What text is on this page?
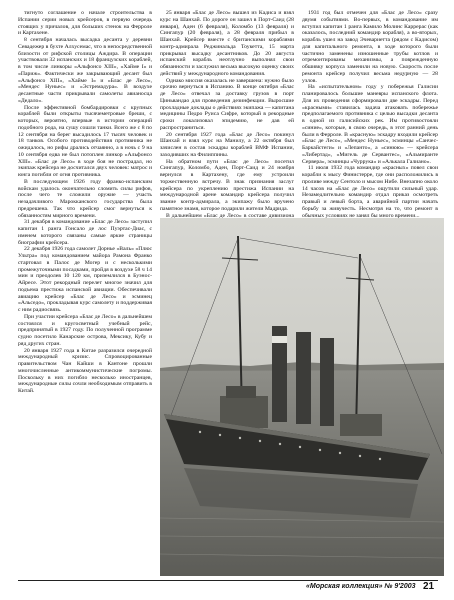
тигнуто соглашение о начале строительства в Испании серии новых крейсеров, в первую очередь стоящих у причалов, для больших стенок на Ферроле и Картахене.

8 сентября началась высадка десанта у деревни Севадежер в бухте Алхусемас, что в непосредственной близости от рифской столицы Аждира. В операции участвовали 32 испанских и 18 французских кораблей, в том числе линкоры «Альфонсо XIII», «Хайме I» и «Париж». Фактически же закрывающий десант был «Альфонсо XIII», «Хайме I» и «Блас де Лесо», «Мендес Нуньес» и «Эстремадура». В воздухе десантные части прикрывали самолеты авианосца «Дедало».

После эффективной бомбардировки с крупных кораблей были открыты тысячеметровые бреши, с которых, вероятно, впервые в истории операций подобного рода, на сушу сошли танки. Всего же с 8 по 12 сентября на берег высадилось 17 тысяч человек и 18 танков. Особого противодействия противника не ожидалось, но рифы дрались отчаянно, а в ночь с 9 на 10 сентября едва не был потоплен линкор «Альфонсо XIII». «Блас де Лесо» в ходе боя не пострадал, но экипаж крейсера не досчитался двух человек: матрос и юнга погибли от огня противника.

В последующем 1926 году франко-испанским войскам удалось окончательно сломить силы рифов, после чего те сложили оружие — участь незадачливого Марокканского государства была предрешена. Так что крейсер смог вернуться к обязанностям мирного времени.

31 декабря в командование «Блас де Лесо» заступил капитан 1 ранга Гонсало де лос Пуэртас-Диас, с именем которого связаны самые яркие страницы биографии крейсера.

22 декабря 1926 года самолет Дорнье «Валь» «Плюс Ультра» под командованием майора Рамона Франко стартовал в Палос де Могер и с несколькими промежуточными посадками, пройдя в воздухе 58 ч 14 мин и преодолев 10 120 км, приземлился в Буэнос-Айресе. Этот рекордный перелет многое значил для подъема престижа испанской авиации. Обеспечивали авиацию крейсер «Блас де Лесо» и эсминец «Альседо», прокладывая курс самолету и поддерживая с ним радиосвязь.

При участии крейсера «Блас де Лесо» в дальнейшем состоялся и кругосветный учебный рейс, предпринятый в 1927 году. По полученной программе судно посетило Канарские острова, Мексику, Кубу и ряд других стран.

20 января 1927 года в Китае разразился очередной международный кризис. Спровоцированные правительством Чан Кайши в Кантоне прошли многочисленные антикоммунистические погромы. Поскольку в них погибло несколько иностранцев, международные силы сочли необходимым отправить в Китай.

25 января «Блас де Лесо» вышел из Кадиса и взял курс на Шанхай. По дороге он зашел в Порт-Саид (28 января), Аден (6 февраля), Коломбо (13 февраля) и Сингапур (20 февраля), а 28 февраля прибыл в Шанхай. Крейсер вместе с британскими кораблями контр-адмирала Реджинальда Тоукетта, 15 марта прикрывал высадку десантников. До 20 августа испанский корабль неотлучно выполнял свои обязанности и заслужил весьма высокую оценку своих действий у международного командования.

Однако миссия оказалась не завершена: нужно было срочно вернуться в Испанию. В конце октября «Блас де Лесо» отвечал за доставку грузов в порт Циньвандао для проведения дезинфекции. Выросшие прохладные доклады о действиях экипажа — капитана медицины Педро Руиса Сифре, который в рекордные сроки локализовал эпидемию, не дав ей распространиться.

20 сентября 1927 года «Блас де Лесо» покинул Шанхай и взял курс на Манилу, а 22 октября был зачислен в состав эскадры кораблей ВМФ Испании, заходивших на Филиппины.

На обратном пути «Блас де Лесо» посетил Сингапур, Коломбо, Аден, Порт-Саид и 24 ноября вернулся в Картахену, где ему устроили торжественную встречу. В знак признания заслуг крейсера по укреплению престижа Испании на международной арене командир крейсера получил звание контр-адмирала, а экипажу было вручено памятное знамя, которое подарили жители Мадрида.

В дальнейшем «Блас де Лесо» в составе дивизиона

1931 год был отмечен для «Блас де Лесо» сразу двумя событиями. Во-первых, в командование им вступил капитан 1 ранга Камило Молинс Каррерас (как оказалось, последний командир корабля), а во-вторых, корабль ушел на завод Эчевариетта (рядом с Кадисом) для капитального ремонта, в ходе которого были частично заменены изношенные трубы котлов и отремонтированы механизмы, а поврежденную обшивку корпуса заменили на новую. Скорость после ремонта крейсер получил весьма недурную — 28 узлов.

На «испытательном» году у побережья Галисии планировалось большие маневры испанского флота. Для их проведения сформировали две эскадры. Перед «красными» ставилась задача атаковать побережье предполагаемого противника с целью высадки десанта в одной из галисийских рек. Им противостояли «синие», которые, в свою очередь, в этот ранний день были в Ферроле. В «красную» эскадру входили крейсер «Блас де Лесо», «Мендес Нуньес», эсминцы «Санчес-Баркайстеги» и «Лепанто», а «синюю» — крейсера «Либертад», «Мигель де Сервантес», «Альмиранте Сервера», эсминцы «Чуррука» и «Алькала Галиано».

11 июля 1932 года командир «красных» повел свои корабли к мысу Финистерре, где они расположились в проливе между Сентоло и мысом Нибе. Внезапно около 14 часов на «Блас де Лесо» ощутили сильный удар. Незамедлительно командир отдал приказ осмотреть правый и левый борта, а аварийной партии начать борьбу за живучесть. Несмотря на то, что ремонт в обычных условиях не занял бы много времени...

«Морская коллекция» № 9'2003 21
